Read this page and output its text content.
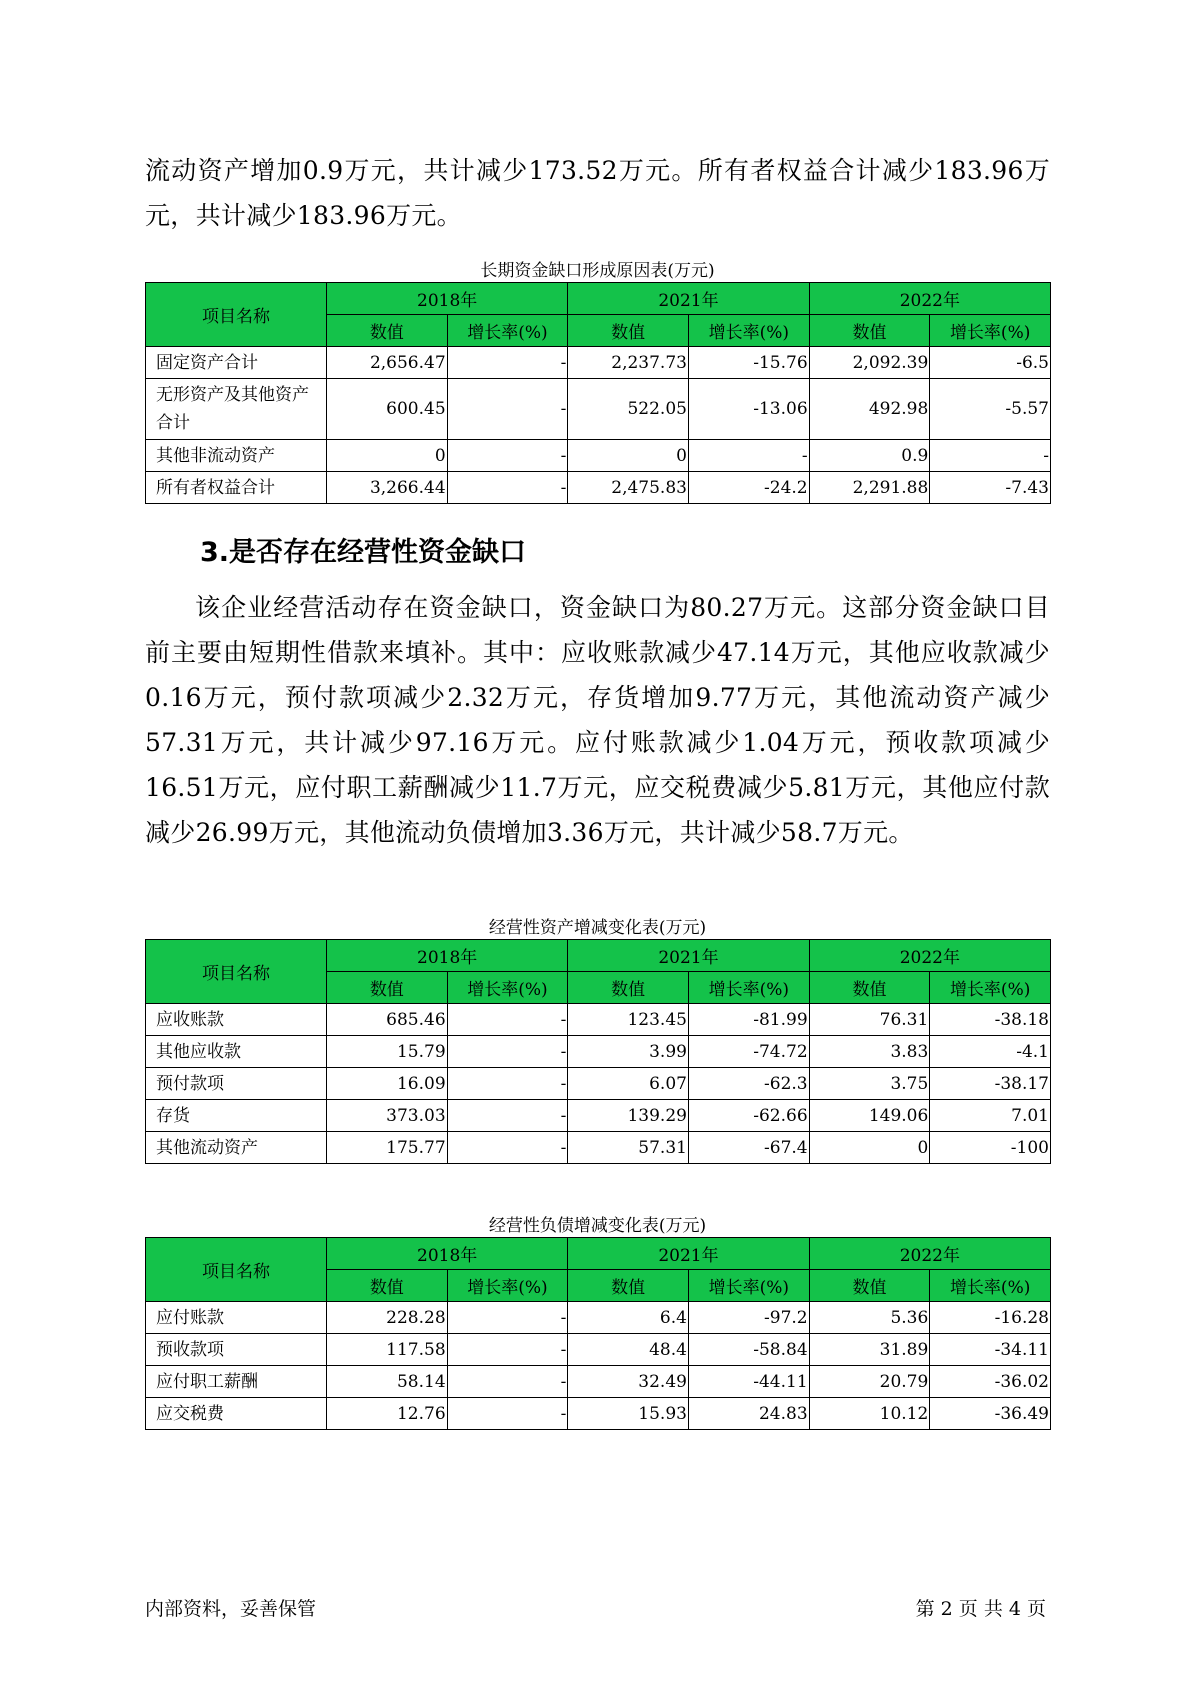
流动资产增加0.9万元，共计减少173.52万元。所有者权益合计减少183.96万元，共计减少183.96万元。

长期资金缺口形成原因表(万元)

项目名称	2018年		2021年		2022年	
	数值	增长率(%)	数值	增长率(%)	数值	增长率(%)
固定资产合计	2,656.47	-	2,237.73	-15.76	2,092.39	-6.5
无形资产及其他资产合计	600.45	-	522.05	-13.06	492.98	-5.57
其他非流动资产	0	-	0	-	0.9	-
所有者权益合计	3,266.44	-	2,475.83	-24.2	2,291.88	-7.43

3.是否存在经营性资金缺口

该企业经营活动存在资金缺口，资金缺口为80.27万元。这部分资金缺口目前主要由短期性借款来填补。其中：应收账款减少47.14万元，其他应收款减少0.16万元，预付款项减少2.32万元，存货增加9.77万元，其他流动资产减少57.31万元，共计减少97.16万元。应付账款减少1.04万元，预收款项减少16.51万元，应付职工薪酬减少11.7万元，应交税费减少5.81万元，其他应付款减少26.99万元，其他流动负债增加3.36万元，共计减少58.7万元。

经营性资产增减变化表(万元)

项目名称	2018年		2021年		2022年	
	数值	增长率(%)	数值	增长率(%)	数值	增长率(%)
应收账款	685.46	-	123.45	-81.99	76.31	-38.18
其他应收款	15.79	-	3.99	-74.72	3.83	-4.1
预付款项	16.09	-	6.07	-62.3	3.75	-38.17
存货	373.03	-	139.29	-62.66	149.06	7.01
其他流动资产	175.77	-	57.31	-67.4	0	-100

经营性负债增减变化表(万元)

项目名称	2018年		2021年		2022年	
	数值	增长率(%)	数值	增长率(%)	数值	增长率(%)
应付账款	228.28	-	6.4	-97.2	5.36	-16.28
预收款项	117.58	-	48.4	-58.84	31.89	-34.11
应付职工薪酬	58.14	-	32.49	-44.11	20.79	-36.02
应交税费	12.76	-	15.93	24.83	10.12	-36.49
内部资料，妥善保管	第 2 页 共 4 页
